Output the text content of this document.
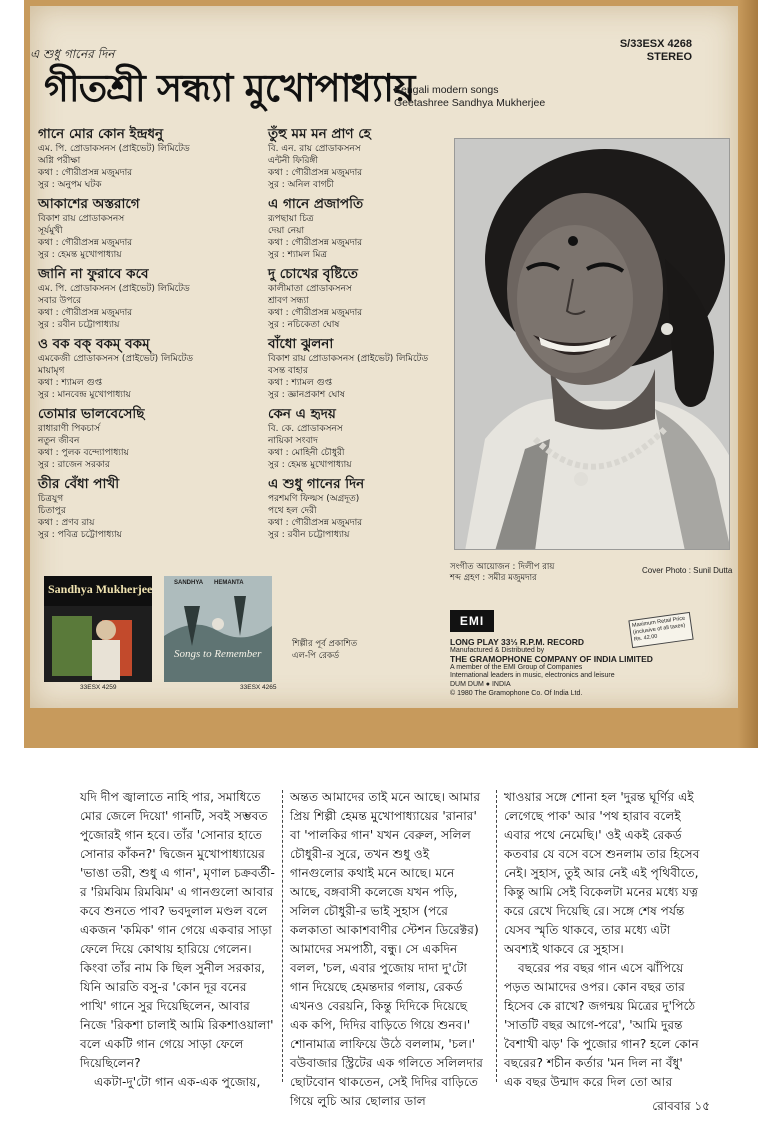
এ শুধু গানের দিন
S/33ESX 4268
STEREO
গীতশ্রী সন্ধ্যা মুখোপাধ্যায়
Bengali modern songs
Geetashree Sandhya Mukherjee
গানে মোর কোন ইন্দ্রধনু
এম. পি. প্রোডাকসনস (প্রাইভেট) লিমিটেড
অগ্নি পরীক্ষা
কথা : গৌরীপ্রসন্ন মজুমদার
সুর : অনুপম ঘটক
আকাশের অস্তরাগে
বিকাশ রায় প্রোডাকসনস
সূর্যমুখী
কথা : গৌরীপ্রসন্ন মজুমদার
সুর : হেমন্ত মুখোপাধ্যায়
জানি না ফুরাবে কবে
এম. পি. প্রোডাকসনস (প্রাইভেট) লিমিটেড
সবার উপরে
কথা : গৌরীপ্রসন্ন মজুমদার
সুর : রবীন চট্টোপাধ্যায়
ও বক বক্ বকম্ বকম্
এমকেজী প্রোডাকসনস (প্রাইভেট) লিমিটেড
মায়ামৃগ
কথা : শ্যামল গুপ্ত
সুর : মানবেন্দ্র মুখোপাধ্যায়
তোমার ভালবেসেছি
রাধারাণী পিকচার্স
নতুন জীবন
কথা : পুলক বন্দ্যোপাধ্যায়
সুর : রাজেন সরকার
তীর বেঁধা পাখী
চিত্রযুগ
চিতাপুর
কথা : প্রণব রায়
সুর : পবিত্র চট্টোপাধ্যায়
তুঁহু মম মন প্রাণ হে
বি. এন. রায় প্রোডাকসনস
এন্টনী ফিরিঙ্গী
কথা : গৌরীপ্রসন্ন মজুমদার
সুর : অনিল বাগচী
এ গানে প্রজাপতি
রূপছায়া চিত্র
দেয়া নেয়া
কথা : গৌরীপ্রসন্ন মজুমদার
সুর : শ্যামল মিত্র
দু চোখের বৃষ্টিতে
কালীমাতা প্রোডাকসনস
শ্রাবণ সন্ধ্যা
কথা : গৌরীপ্রসন্ন মজুমদার
সুর : নচিকেতা ঘোষ
বাঁধো ঝুলনা
বিকাশ রায় প্রোডাকসনস (প্রাইভেট) লিমিটেড
বসন্ত বাহার
কথা : শ্যামল গুপ্ত
সুর : জ্ঞানপ্রকাশ ঘোষ
কেন এ হৃদয়
বি. কে. প্রোডাকসনস
নায়িকা সংবাদ
কথা : মোহিনী চৌধুরী
সুর : হেমন্ত মুখোপাধ্যায়
এ শুধু গানের দিন
পরশমণি ফিল্মস (অগ্রদূত)
পথে হল দেরী
কথা : গৌরীপ্রসন্ন মজুমদার
সুর : রবীন চট্টোপাধ্যায়
সংগীত আয়োজন : দিলীপ রায়
শব্দ গ্রহণ : সমীর মজুমদার
Cover Photo : Sunil Dutta
Sandhya Mukherjee
33ESX 4259
SANDHYA HEMANTA
Songs to Remember
33ESX 4265
শিল্পীর পূর্ব প্রকাশিত
এল-পি রেকর্ড
EMI
LONG PLAY 33⅓ R.P.M. RECORD
Manufactured & Distributed by
THE GRAMOPHONE COMPANY OF INDIA LIMITED
A member of the EMI Group of Companies
International leaders in music, electronics and leisure
DUM DUM ● INDIA
Maximum Retail Price (inclusive of all taxes) Rs. 42.00
© 1980 The Gramophone Co. Of India Ltd.

যদি দীপ জ্বালাতে নাহি পার, সমাধিতে মোর জেলে দিয়ো' গানটি, সবই সম্ভবত পুজোরই গান হবে। তাঁর 'সোনার হাতে সোনার কাঁকন?' দ্বিজেন মুখোপাধ্যায়ের 'ভাঙা তরী, শুধু এ গান', মৃণাল চক্রবর্তী-র 'রিমঝিম রিমঝিম' এ গানগুলো আবার কবে শুনতে পাব? ভবদুলাল মণ্ডল বলে একজন 'কমিক' গান গেয়ে একবার সাড়া ফেলে দিয়ে কোথায় হারিয়ে গেলেন। কিংবা তাঁর নাম কি ছিল সুনীল সরকার, যিনি আরতি বসু-র 'কোন দূর বনের পাখি' গানে সুর দিয়েছিলেন, আবার নিজে 'রিকশা চালাই আমি রিকশাওয়ালা' বলে একটি গান গেয়ে সাড়া ফেলে দিয়েছিলেন?

একটা-দু'টো গান এক-এক পুজোয়,

অন্তত আমাদের তাই মনে আছে। আমার প্রিয় শিল্পী হেমন্ত মুখোপাধ্যায়ের 'রানার' বা 'পালকির গান' যখন বেরুল, সলিল চৌধুরী-র সুরে, তখন শুধু ওই গানগুলোর কথাই মনে আছে। মনে আছে, বঙ্গবাসী কলেজে যখন পড়ি, সলিল চৌধুরী-র ভাই সুহাস (পরে কলকাতা আকাশবাণীর স্টেশন ডিরেক্টর) আমাদের সমপাঠী, বন্ধু। সে একদিন বলল, 'চল, এবার পুজোয় দাদা দু'টো গান দিয়েছে হেমন্তদার গলায়, রেকর্ড এখনও বেরয়নি, কিন্তু দিদিকে দিয়েছে এক কপি, দিদির বাড়িতে গিয়ে শুনব।' শোনামাত্র লাফিয়ে উঠে বললাম, 'চল।' বউবাজার স্ট্রিটের এক গলিতে সলিলদার ছোটবোন থাকতেন, সেই দিদির বাড়িতে গিয়ে লুচি আর ছোলার ডাল

খাওয়ার সঙ্গে শোনা হল 'দুরন্ত ঘূর্ণির এই লেগেছে পাক' আর 'পথ হারাব বলেই এবার পথে নেমেছি।' ওই একই রেকর্ড কতবার যে বসে বসে শুনলাম তার হিসেব নেই। সুহাস, তুই আর নেই এই পৃথিবীতে, কিন্তু আমি সেই বিকেলটা মনের মধ্যে যত্ন করে রেখে দিয়েছি রে। সঙ্গে শেষ পর্যন্ত যেসব স্মৃতি থাকবে, তার মধ্যে এটা অবশ্যই থাকবে রে সুহাস।

বছরের পর বছর গান এসে ঝাঁপিয়ে পড়ত আমাদের ওপর। কোন বছর তার হিসেব কে রাখে? জগন্ময় মিত্রের দু'পিঠে 'সাতটি বছর আগে-পরে', 'আমি দুরন্ত বৈশাখী ঝড়' কি পুজোর গান? হলে কোন বছরের? শচীন কর্তার 'মন দিল না বঁধু' এক বছর উন্মাদ করে দিল তো আর

রোববার ১৫
